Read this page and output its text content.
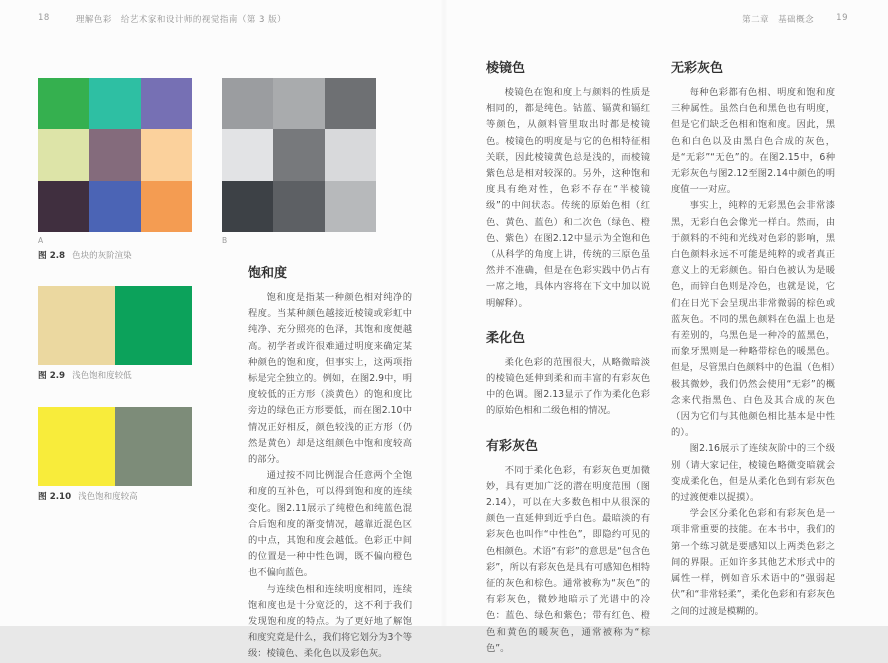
18	理解色彩　给艺术家和设计师的视觉指南（第 3 版）	第二章　基础概念	19
A	B
图 2.8 色块的灰阶渲染
图 2.9 浅色饱和度较低
图 2.10 浅色饱和度较高
饱和度

饱和度是指某一种颜色相对纯净的程度。当某种颜色越接近棱镜或彩虹中纯净、充分照亮的色泽，其饱和度便越高。初学者或许很难通过明度来确定某种颜色的饱和度，但事实上，这两项指标是完全独立的。例如，在图2.9中，明度较低的正方形（淡黄色）的饱和度比旁边的绿色正方形要低，而在图2.10中情况正好相反，颜色较浅的正方形（仍然是黄色）却是这组颜色中饱和度较高的部分。

通过按不同比例混合任意两个全饱和度的互补色，可以得到饱和度的连续变化。图2.11展示了纯橙色和纯蓝色混合后饱和度的渐变情况，越靠近混色区的中点，其饱和度会越低。色彩正中间的位置是一种中性色调，既不偏向橙色也不偏向蓝色。

与连续色相和连续明度相同，连续饱和度也是十分宽泛的，这不利于我们发现饱和度的特点。为了更好地了解饱和度究竟是什么，我们将它划分为3个等级：棱镜色、柔化色以及彩色灰。

棱镜色

棱镜色在饱和度上与颜料的性质是相同的，都是纯色。钴蓝、镉黄和镉红等颜色，从颜料管里取出时都是棱镜色。棱镜色的明度是与它的色相特征相关联，因此棱镜黄色总是浅的，而棱镜紫色总是相对较深的。另外，这种饱和度具有绝对性，色彩不存在“半棱镜级”的中间状态。传统的原始色相（红色、黄色、蓝色）和二次色（绿色、橙色、紫色）在图2.12中显示为全饱和色（从科学的角度上讲，传统的三原色虽然并不准确，但是在色彩实践中仍占有一席之地，具体内容将在下文中加以说明解释）。

柔化色

柔化色彩的范围很大，从略微暗淡的棱镜色延伸到柔和而丰富的有彩灰色中的色调。图2.13显示了作为柔化色彩的原始色相和二级色相的情况。

有彩灰色

不同于柔化色彩，有彩灰色更加微妙，具有更加广泛的潜在明度范围（图2.14），可以在大多数色相中从很深的颜色一直延伸到近乎白色。最暗淡的有彩灰色也叫作“中性色”，即隐约可见的色相颜色。术语“有彩”的意思是“包含色彩”，所以有彩灰色是具有可感知色相特征的灰色和棕色。通常被称为“灰色”的有彩灰色，微妙地暗示了光谱中的冷色：蓝色、绿色和紫色；带有红色、橙色和黄色的暖灰色，通常被称为“棕色”。

无彩灰色

每种色彩都有色相、明度和饱和度三种属性。虽然白色和黑色也有明度，但是它们缺乏色相和饱和度。因此，黑色和白色以及由黑白色合成的灰色，是“无彩”“无色”的。在图2.15中，6种无彩灰色与图2.12至图2.14中颜色的明度值一一对应。

事实上，纯粹的无彩黑色会非常漆黑，无彩白色会像光一样白。然而，由于颜料的不纯和光线对色彩的影响，黑白色颜料永远不可能是纯粹的或者真正意义上的无彩颜色。铅白色被认为是暖色，而锌白色则是冷色，也就是说，它们在日光下会呈现出非常微弱的棕色或蓝灰色。不同的黑色颜料在色温上也是有差别的，乌黑色是一种冷的蓝黑色，而象牙黑则是一种略带棕色的暖黑色。但是，尽管黑白色颜料中的色温（色相）极其微妙，我们仍然会使用“无彩”的概念来代指黑色、白色及其合成的灰色（因为它们与其他颜色相比基本是中性的）。

图2.16展示了连续灰阶中的三个级别（请大家记住，棱镜色略微变暗就会变成柔化色，但是从柔化色到有彩灰色的过渡便难以捉摸）。

学会区分柔化色彩和有彩灰色是一项非常重要的技能。在本书中，我们的第一个练习就是要感知以上两类色彩之间的界限。正如许多其他艺术形式中的属性一样，例如音乐术语中的“强弱起伏”和“非常轻柔”，柔化色彩和有彩灰色之间的过渡是模糊的。
